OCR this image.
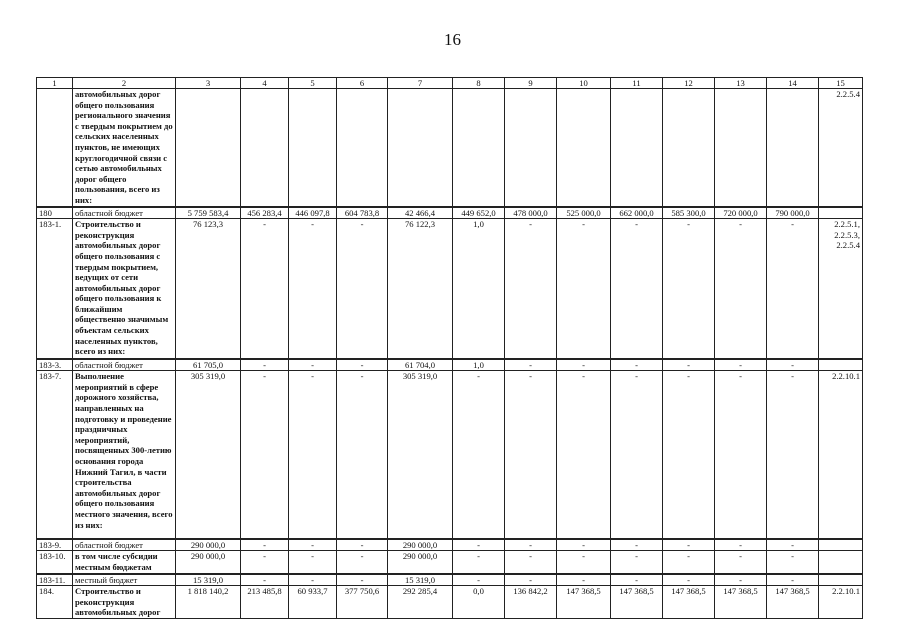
16
1	2	3	4	5	6	7	8	9	10	11	12	13	14	15
	автомобильных дорог общего пользования регионального значения с твердым покрытием до сельских населенных пунктов, не имеющих круглогодичной связи с сетью автомобильных дорог общего пользования, всего из них:													2.2.5.4
180	областной бюджет	5 759 583,4	456 283,4	446 097,8	604 783,8	42 466,4	449 652,0	478 000,0	525 000,0	662 000,0	585 300,0	720 000,0	790 000,0	
183-1.	Строительство и реконструкция автомобильных дорог общего пользования с твердым покрытием, ведущих от сети автомобильных дорог общего пользования к ближайшим общественно значимым объектам сельских населенных пунктов, всего из них:	76 123,3	-	-	-	76 122,3	1,0	-	-	-	-	-	-	2.2.5.1, 2.2.5.3, 2.2.5.4
183-3.	областной бюджет	61 705,0	-	-	-	61 704,0	1,0	-	-	-	-	-	-	
183-7.	Выполнение мероприятий в сфере дорожного хозяйства, направленных на подготовку и проведение праздничных мероприятий, посвященных 300-летию основания города Нижний Тагил, в части строительства автомобильных дорог общего пользования местного значения, всего из них:	305 319,0	-	-	-	305 319,0	-	-	-	-	-	-	-	2.2.10.1
183-9.	областной бюджет	290 000,0	-	-	-	290 000,0	-	-	-	-	-	-	-	
183-10.	в том числе субсидии местным бюджетам	290 000,0	-	-	-	290 000,0	-	-	-	-	-	-	-	
183-11.	местный бюджет	15 319,0	-	-	-	15 319,0	-	-	-	-	-	-	-	
184.	Строительство и реконструкция автомобильных дорог	1 818 140,2	213 485,8	60 933,7	377 750,6	292 285,4	0,0	136 842,2	147 368,5	147 368,5	147 368,5	147 368,5	147 368,5	2.2.10.1
